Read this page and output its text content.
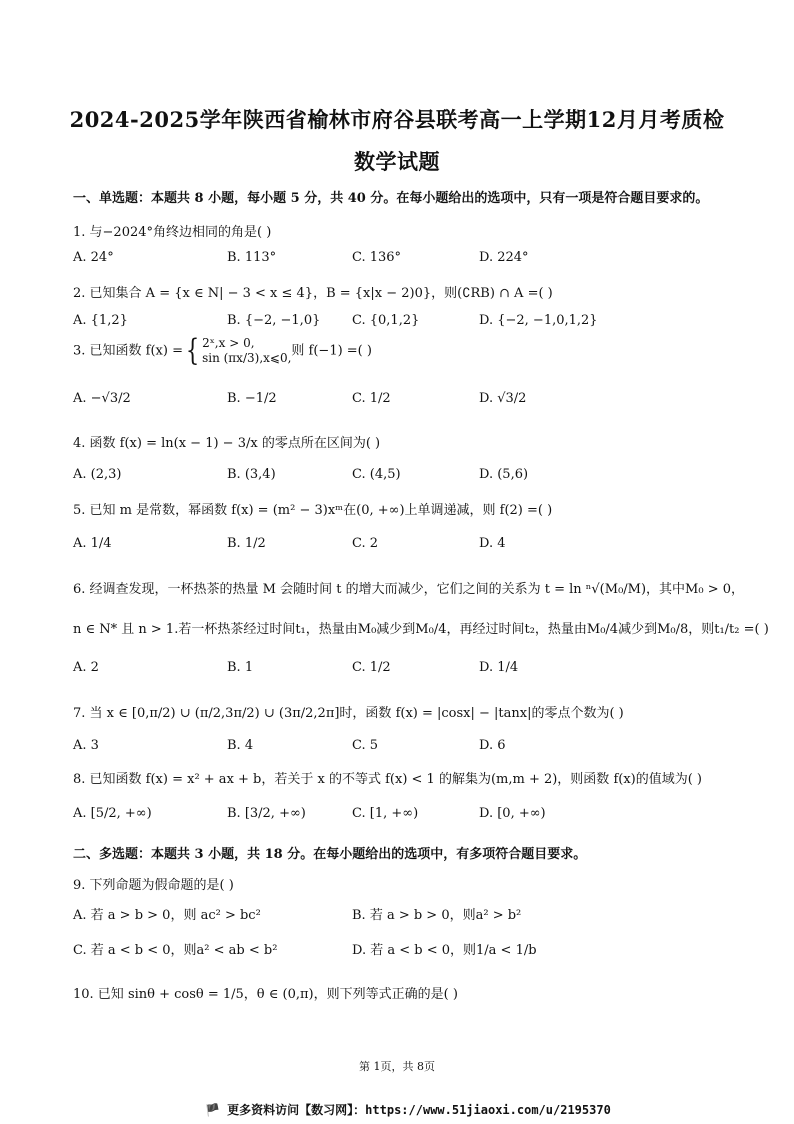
2024-2025学年陕西省榆林市府谷县联考高一上学期12月月考质检
数学试题
一、单选题：本题共 8 小题，每小题 5 分，共 40 分。在每小题给出的选项中，只有一项是符合题目要求的。
1. 与−2024°角终边相同的角是( )
A. 24°	B. 113°	C. 136°	D. 224°
2. 已知集合 A = {x ∈ N| − 3 < x ≤ 4}，B = {x|x − 2)0}，则(∁RB) ∩ A =( )
A. {1,2}	B. {−2, −1,0} C. {0,1,2}	D. {−2, −1,0,1,2}
3. 已知函数 f(x) ={ 2ˣ,x > 0,
sin (πx/3),x⩽0, 则 f(−1) =( )
A. −√3/2	B. −1/2	C. 1/2	D. √3/2
4. 函数 f(x) = ln(x − 1) − 3/x 的零点所在区间为( )
A. (2,3)	B. (3,4)	C. (4,5)	D. (5,6)
5. 已知 m 是常数，幂函数 f(x) = (m² − 3)xᵐ在(0, +∞)上单调递减，则 f(2) =( )
A. 1/4	B. 1/2	C. 2	D. 4
6. 经调查发现，一杯热茶的热量 M 会随时间 t 的增大而减少，它们之间的关系为 t = ln ⁿ√(M₀/M)，其中M₀ > 0，
n ∈ N* 且 n > 1.若一杯热茶经过时间t₁，热量由M₀减少到M₀/4，再经过时间t₂，热量由M₀/4减少到M₀/8，则t₁/t₂ =( )
A. 2	B. 1	C. 1/2	D. 1/4
7. 当 x ∈ [0,π/2) ∪ (π/2,3π/2) ∪ (3π/2,2π]时，函数 f(x) = |cosx| − |tanx|的零点个数为( )
A. 3	B. 4	C. 5	D. 6
8. 已知函数 f(x) = x² + ax + b，若关于 x 的不等式 f(x) < 1 的解集为(m,m + 2)，则函数 f(x)的值域为( )
A. [5/2, +∞)	B. [3/2, +∞)	C. [1, +∞)	D. [0, +∞)
二、多选题：本题共 3 小题，共 18 分。在每小题给出的选项中，有多项符合题目要求。
9. 下列命题为假命题的是( )
A. 若 a > b > 0，则 ac² > bc²	B. 若 a > b > 0，则a² > b²
C. 若 a < b < 0，则a² < ab < b²	D. 若 a < b < 0，则1/a < 1/b
10. 已知 sinθ + cosθ = 1/5，θ ∈ (0,π)，则下列等式正确的是( )
第 1页，共 8页
🏴 更多资料访问【数习网】：https://www.51jiaoxi.com/u/2195370
